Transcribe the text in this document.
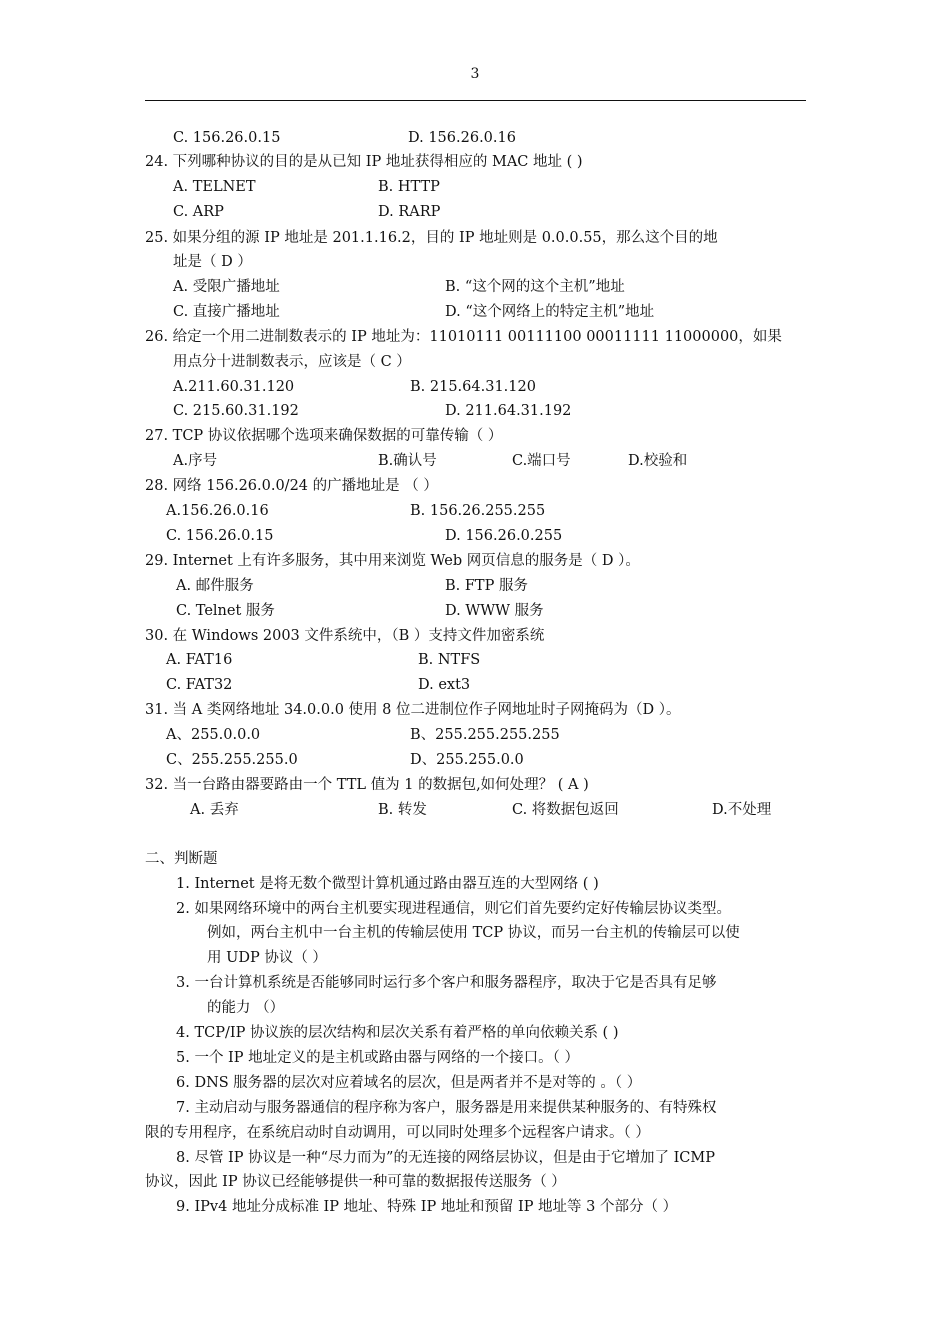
3
C. 156.26.0.15	D. 156.26.0.16
24. 下列哪种协议的目的是从已知 IP 地址获得相应的 MAC 地址 ( )
A. TELNET	B. HTTP
C. ARP	D. RARP
25. 如果分组的源 IP 地址是 201.1.16.2，目的 IP 地址则是 0.0.0.55，那么这个目的地
址是（ D ）
A. 受限广播地址	B. “这个网的这个主机”地址
C. 直接广播地址	D. “这个网络上的特定主机”地址
26. 给定一个用二进制数表示的 IP 地址为：11010111 00111100 00011111 11000000，如果
用点分十进制数表示，应该是（ C ）
A.211.60.31.120	B. 215.64.31.120
C. 215.60.31.192	D. 211.64.31.192
27. TCP 协议依据哪个选项来确保数据的可靠传输（ ）
A.序号	B.确认号	C.端口号	D.校验和
28. 网络 156.26.0.0/24 的广播地址是 （ ）
A.156.26.0.16	B. 156.26.255.255
C. 156.26.0.15	D. 156.26.0.255
29. Internet 上有许多服务，其中用来浏览 Web 网页信息的服务是（ D ）。
A. 邮件服务	B. FTP 服务
C. Telnet 服务	D. WWW 服务
30. 在 Windows 2003 文件系统中，（B ）支持文件加密系统
A. FAT16	B. NTFS
C. FAT32	D. ext3
31. 当 A 类网络地址 34.0.0.0 使用 8 位二进制位作子网地址时子网掩码为（D ）。
A、255.0.0.0	B、255.255.255.255
C、255.255.255.0	D、255.255.0.0
32. 当一台路由器要路由一个 TTL 值为 1 的数据包,如何处理？ ( A )
A. 丢弃	B. 转发	C. 将数据包返回	D.不处理
二、判断题
1. Internet 是将无数个微型计算机通过路由器互连的大型网络 ( )
2. 如果网络环境中的两台主机要实现进程通信，则它们首先要约定好传输层协议类型。
例如，两台主机中一台主机的传输层使用 TCP 协议，而另一台主机的传输层可以使
用 UDP 协议（ ）
3. 一台计算机系统是否能够同时运行多个客户和服务器程序，取决于它是否具有足够
的能力 （）
4. TCP/IP 协议族的层次结构和层次关系有着严格的单向依赖关系 ( )
5. 一个 IP 地址定义的是主机或路由器与网络的一个接口。（ ）
6. DNS 服务器的层次对应着域名的层次，但是两者并不是对等的 。（ ）
7. 主动启动与服务器通信的程序称为客户，服务器是用来提供某种服务的、有特殊权
限的专用程序，在系统启动时自动调用，可以同时处理多个远程客户请求。（ ）
8. 尽管 IP 协议是一种“尽力而为”的无连接的网络层协议，但是由于它增加了 ICMP
协议，因此 IP 协议已经能够提供一种可靠的数据报传送服务（ ）
9. IPv4 地址分成标准 IP 地址、特殊 IP 地址和预留 IP 地址等 3 个部分（ ）
